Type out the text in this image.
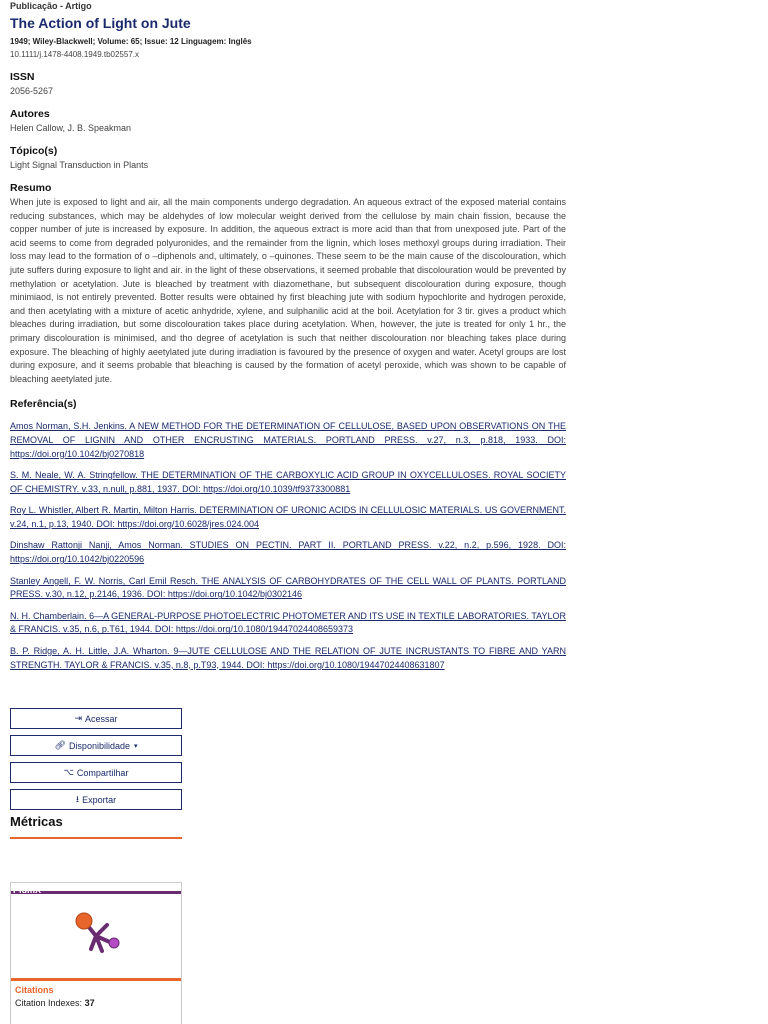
Publicação - Artigo
The Action of Light on Jute
1949; Wiley-Blackwell; Volume: 65; Issue: 12 Linguagem: Inglês
10.1111/j.1478-4408.1949.tb02557.x
ISSN
2056-5267
Autores
Helen Callow, J. B. Speakman
Tópico(s)
Light Signal Transduction in Plants
Resumo
When jute is exposed to light and air, all the main components undergo degradation. An aqueous extract of the exposed material contains reducing substances, which may be aldehydes of low molecular weight derived from the cellulose by main chain fission, because the copper number of jute is increased by exposure. In addition, the aqueous extract is more acid than that from unexposed jute. Part of the acid seems to come from degraded polyuronides, and the remainder from the lignin, which loses methoxyl groups during irradiation. Their loss may lead to the formation of o –diphenols and, ultimately, o –quinones. These seem to be the main cause of the discolouration, which jute suffers during exposure to light and air. in the light of these observations, it seemed probable that discolouration would be prevented by methylation or acetylation. Jute is bleached by treatment with diazomethane, but subsequent discolouration during exposure, though minimiaod, is not entirely prevented. Botter results were obtained hy first bleaching jute with sodium hypochlorite and hydrogen peroxide, and then acetylating with a mixture of acetic anhydride, xylene, and sulphanilic acid at the boil. Acetylation for 3 tir. gives a product which bleaches during irradiation, but some discolouration takes place during acetylation. When, however, the jute is treated for only 1 hr., the primary discolouration is minimised, and tho degree of acetylation is such that neither discolouration nor bleaching takes place during exposure. The bleaching of highly aeetylated jute during irradiation is favoured by the presence of oxygen and water. Acetyl groups are lost during exposure, and it seems probable that bleaching is caused by the formation of acetyl peroxide, which was shown to be capable of bleaching aeetylated jute.
Referência(s)
Amos Norman, S.H. Jenkins. A NEW METHOD FOR THE DETERMINATION OF CELLULOSE, BASED UPON OBSERVATIONS ON THE REMOVAL OF LIGNIN AND OTHER ENCRUSTING MATERIALS. PORTLAND PRESS. v.27, n.3, p.818, 1933. DOI: https://doi.org/10.1042/bj0270818
S. M. Neale, W. A. Stringfellow. THE DETERMINATION OF THE CARBOXYLIC ACID GROUP IN OXYCELLULOSES. ROYAL SOCIETY OF CHEMISTRY. v.33, n.null, p.881, 1937. DOI: https://doi.org/10.1039/tf9373300881
Roy L. Whistler, Albert R. Martin, Milton Harris. DETERMINATION OF URONIC ACIDS IN CELLULOSIC MATERIALS. US GOVERNMENT. v.24, n.1, p.13, 1940. DOI: https://doi.org/10.6028/jres.024.004
Dinshaw Rattonji Nanji, Amos Norman. STUDIES ON PECTIN. PART II. PORTLAND PRESS. v.22, n.2, p.596, 1928. DOI: https://doi.org/10.1042/bj0220596
Stanley Angell, F. W. Norris, Carl Emil Resch. THE ANALYSIS OF CARBOHYDRATES OF THE CELL WALL OF PLANTS. PORTLAND PRESS. v.30, n.12, p.2146, 1936. DOI: https://doi.org/10.1042/bj0302146
N. H. Chamberlain. 6—A GENERAL-PURPOSE PHOTOELECTRIC PHOTOMETER AND ITS USE IN TEXTILE LABORATORIES. TAYLOR & FRANCIS. v.35, n.6, p.T61, 1944. DOI: https://doi.org/10.1080/19447024408659373
B. P. Ridge, A. H. Little, J.A. Wharton. 9—JUTE CELLULOSE AND THE RELATION OF JUTE INCRUSTANTS TO FIBRE AND YARN STRENGTH. TAYLOR & FRANCIS. v.35, n.8, p.T93, 1944. DOI: https://doi.org/10.1080/19447024408631807
⇥ Acessar
🔗︎ Disponibilidade ▾
⌥ Compartilhar
⭳ Exportar
Métricas
PlumX
Citations
Citation Indexes: 37
